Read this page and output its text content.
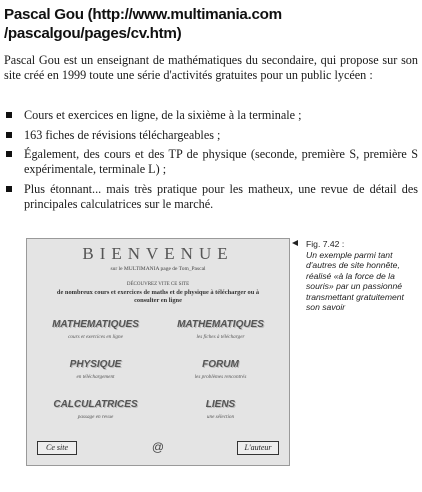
Pascal Gou (http://www.multimania.com /pascalgou/pages/cv.htm)
Pascal Gou est un enseignant de mathématiques du secondaire, qui propose sur son site créé en 1999 toute une série d'activités gratuites pour un public lycéen :
Cours et exercices en ligne, de la sixième à la terminale ;
163 fiches de révisions téléchargeables ;
Également, des cours et des TP de physique (seconde, première S, première S expérimentale, terminale L) ;
Plus étonnant... mais très pratique pour les matheux, une revue de détail des principales calculatrices sur le marché.
BIENVENUE
sur le MULTIMANIA page de Tom_Pascal
DÉCOUVREZ VITE CE SITE
de nombreux cours et exercices de maths et de physique à télécharger ou à consulter en ligne
MATHEMATIQUES
cours et exercices en ligne
MATHEMATIQUES
les fiches à télécharger
PHYSIQUE
en téléchargement
FORUM
les problèmes rencontrés
CALCULATRICES
passage en revue
LIENS
une sélection
Ce site	@	L'auteur
Fig. 7.42 :
Un exemple parmi tant d'autres de site honnête, réalisé «à la force de la souris» par un passionné transmettant gratuitement son savoir
